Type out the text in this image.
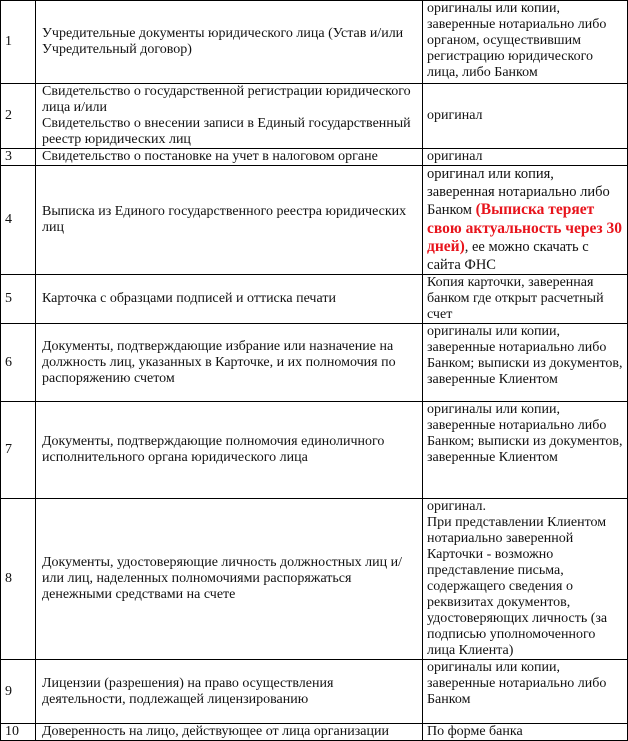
1	Учредительные документы юридического лица (Устав и/или Учредительный договор)	оригиналы или копии, заверенные нотариально либо органом, осуществившим регистрацию юридического лица, либо Банком
2	Свидетельство о государственной регистрации юридического лица и/или
Свидетельство о внесении записи в Единый государственный реестр юридических лиц	оригинал
3	Свидетельство о постановке на учет в налоговом органе	оригинал
4	Выписка из Единого государственного реестра юридических лиц	оригинал или копия, заверенная нотариально либо Банком (Выписка теряет свою актуальность через 30 дней), ее можно скачать с сайта ФНС
5	Карточка с образцами подписей и оттиска печати	Копия карточки, заверенная банком где открыт расчетный счет
6	Документы, подтверждающие избрание или назначение на должность лиц, указанных в Карточке, и их полномочия по распоряжению счетом	оригиналы или копии, заверенные нотариально либо Банком; выписки из документов, заверенные Клиентом
7	Документы, подтверждающие полномочия единоличного исполнительного органа юридического лица	оригиналы или копии, заверенные нотариально либо Банком; выписки из документов, заверенные Клиентом
8	Документы, удостоверяющие личность должностных лиц и/или лиц, наделенных полномочиями распоряжаться денежными средствами на счете	оригинал.
При представлении Клиентом нотариально заверенной Карточки - возможно представление письма, содержащего сведения о реквизитах документов, удостоверяющих личность (за подписью уполномоченного лица Клиента)
9	Лицензии (разрешения) на право осуществления деятельности, подлежащей лицензированию	оригиналы или копии, заверенные нотариально либо Банком
10	Доверенность на лицо, действующее от лица организации	По форме банка
